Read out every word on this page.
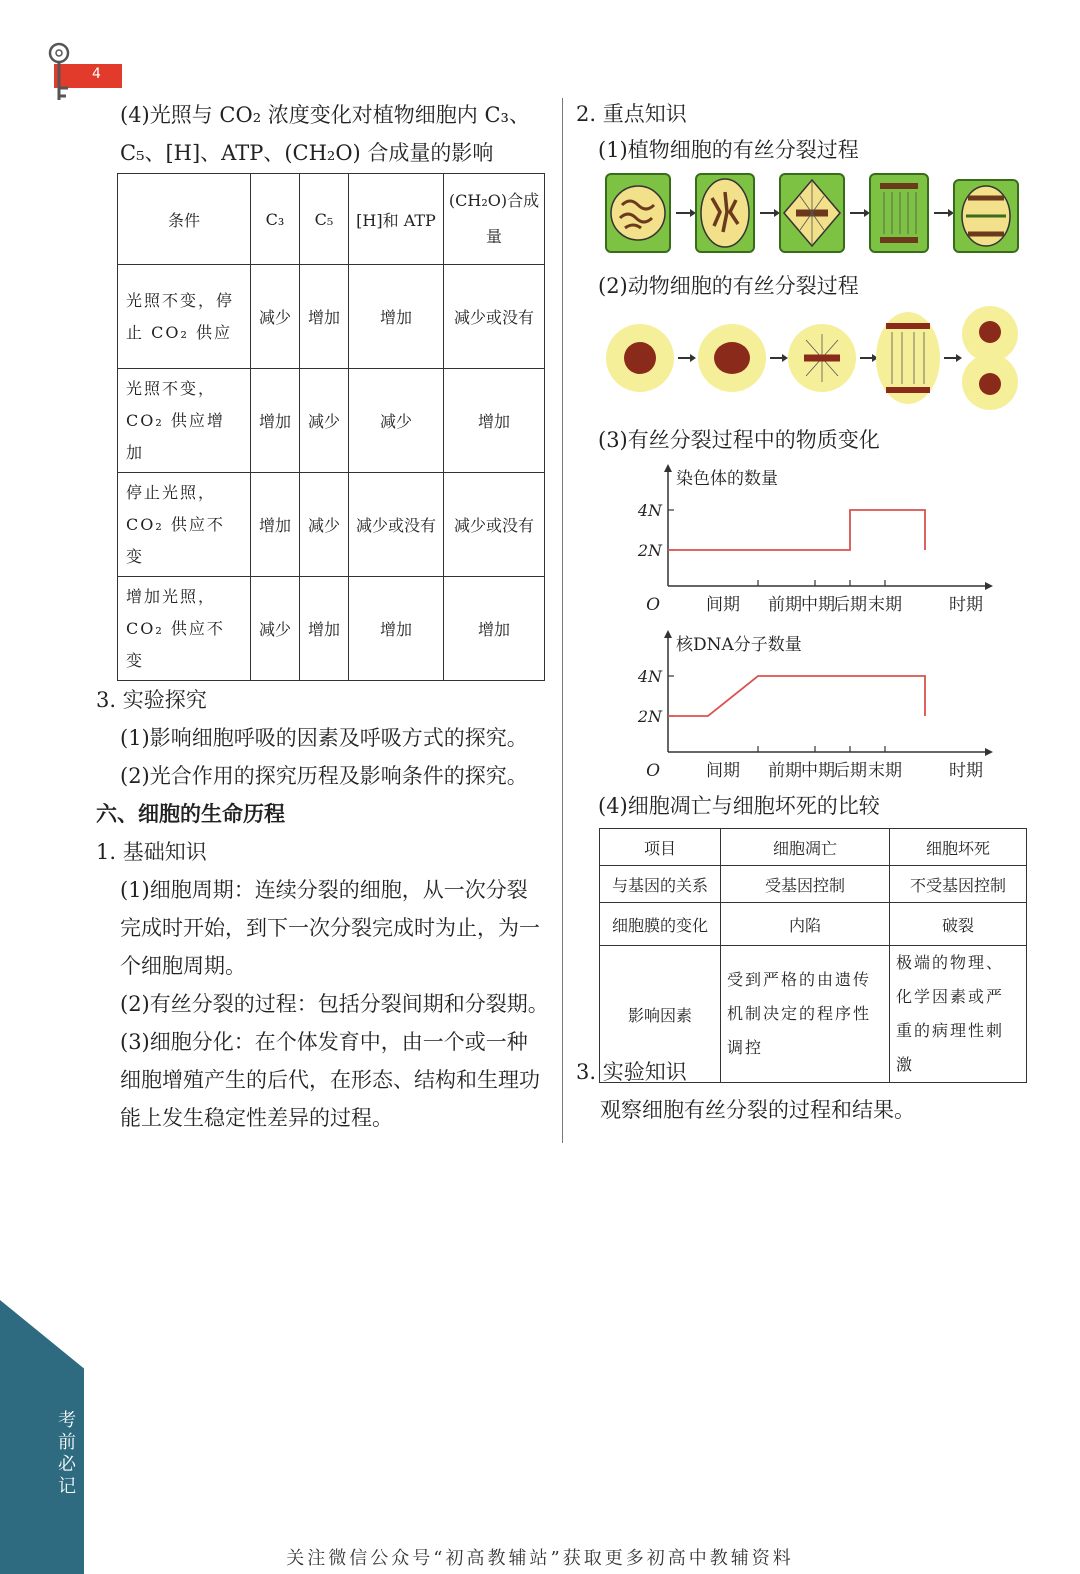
4

(4)光照与 CO₂ 浓度变化对植物细胞内 C₃、C₅、[H]、ATP、(CH₂O) 合成量的影响

条件	C₃	C₅	[H]和 ATP	(CH₂O)合成量
光照不变，停止 CO₂ 供应	减少	增加	增加	减少或没有
光照不变，CO₂ 供应增加	增加	减少	减少	增加
停止光照，CO₂ 供应不变	增加	减少	减少或没有	减少或没有
增加光照，CO₂ 供应不变	减少	增加	增加	增加

3. 实验探究

(1)影响细胞呼吸的因素及呼吸方式的探究。

(2)光合作用的探究历程及影响条件的探究。

六、细胞的生命历程

1. 基础知识

(1)细胞周期：连续分裂的细胞，从一次分裂

完成时开始，到下一次分裂完成时为止，为一

个细胞周期。

(2)有丝分裂的过程：包括分裂间期和分裂期。

(3)细胞分化：在个体发育中，由一个或一种

细胞增殖产生的后代，在形态、结构和生理功

能上发生稳定性差异的过程。

2. 重点知识
(1)植物细胞的有丝分裂过程
(2)动物细胞的有丝分裂过程
(3)有丝分裂过程中的物质变化
染色体的数量
O
2N
4N
间期 前期 中期
后期 末期	时期
核DNA分子数量
O
2N
4N
间期 前期 中期
后期 末期	时期
(4)细胞凋亡与细胞坏死的比较
项目	细胞凋亡	细胞坏死
与基因的关系	受基因控制	不受基因控制
细胞膜的变化	内陷	破裂
影响因素	受到严格的由遗传机制决定的程序性调控	极端的物理、化学因素或严重的病理性刺激
3. 实验知识
观察细胞有丝分裂的过程和结果。
考前必记
关注微信公众号“初高教辅站”获取更多初高中教辅资料
